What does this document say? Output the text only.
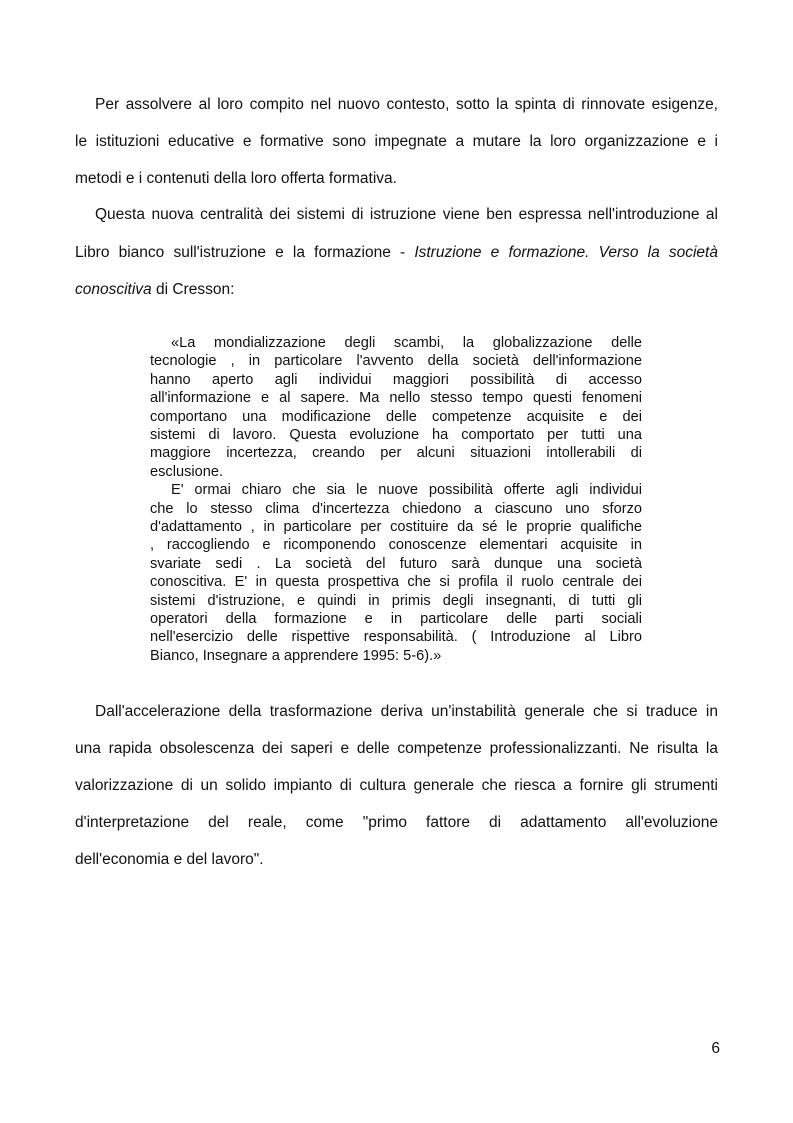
Per assolvere al loro compito nel nuovo contesto, sotto la spinta di rinnovate esigenze,
le istituzioni educative e formative sono impegnate a mutare la loro organizzazione e i
metodi e i contenuti della loro offerta formativa.
Questa nuova centralità dei sistemi di istruzione viene ben espressa nell'introduzione al
Libro bianco sull'istruzione e la formazione - Istruzione e formazione. Verso la società
conoscitiva di Cresson:
«La mondializzazione degli scambi, la globalizzazione delle
tecnologie , in particolare l'avvento della società dell'informazione
hanno aperto agli individui maggiori possibilità di accesso
all'informazione e al sapere. Ma nello stesso tempo questi fenomeni
comportano una modificazione delle competenze acquisite e dei
sistemi di lavoro. Questa evoluzione ha comportato per tutti una
maggiore incertezza, creando per alcuni situazioni intollerabili di
esclusione.
E' ormai chiaro che sia le nuove possibilità offerte agli individui
che lo stesso clima d'incertezza chiedono a ciascuno uno sforzo
d'adattamento , in particolare per costituire da sé le proprie qualifiche
, raccogliendo e ricomponendo conoscenze elementari acquisite in
svariate sedi . La società del futuro sarà dunque una società
conoscitiva. E' in questa prospettiva che si profila il ruolo centrale dei
sistemi d'istruzione, e quindi in primis degli insegnanti, di tutti gli
operatori della formazione e in particolare delle parti sociali
nell'esercizio delle rispettive responsabilità. ( Introduzione al Libro
Bianco, Insegnare a apprendere 1995: 5-6).»
Dall'accelerazione della trasformazione deriva un'instabilità generale che si traduce in
una rapida obsolescenza dei saperi e delle competenze professionalizzanti. Ne risulta la
valorizzazione di un solido impianto di cultura generale che riesca a fornire gli strumenti
d'interpretazione del reale, come "primo fattore di adattamento all'evoluzione
dell'economia e del lavoro".
6
